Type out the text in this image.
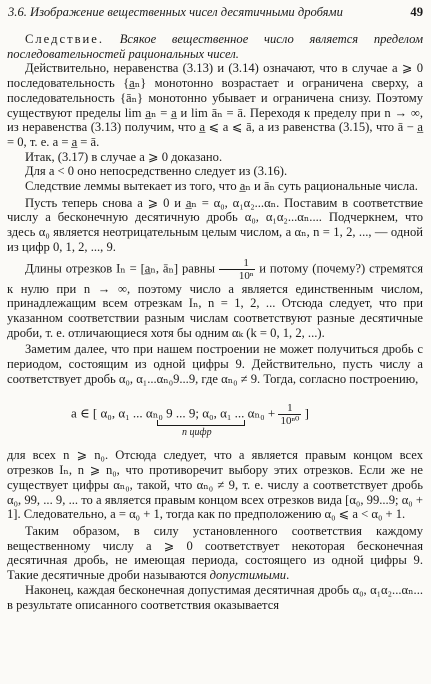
3.6. Изображение вещественных чисел десятичными дробями	49

Следствие. Всякое вещественное число является пределом последовательностей рациональных чисел.

Действительно, неравенства (3.13) и (3.14) означают, что в случае a ⩾ 0 последовательность {a̲ₙ} монотонно возрастает и ограничена сверху, а последовательность {āₙ} монотонно убывает и ограничена снизу. Поэтому существуют пределы lim a̲ₙ = a̲ и lim āₙ = ā. Переходя к пределу при n → ∞, из неравенства (3.13) получим, что a̲ ⩽ a ⩽ ā, а из равенства (3.15), что ā − a̲ = 0, т. е. a = a̲ = ā.

Итак, (3.17) в случае a ⩾ 0 доказано.

Для a < 0 оно непосредственно следует из (3.16).

Следствие леммы вытекает из того, что a̲ₙ и āₙ суть рациональные числа.

Пусть теперь снова a ⩾ 0 и a̲ₙ = α₀, α₁α₂...αₙ. Поставим в соответствие числу a бесконечную десятичную дробь α₀, α₁α₂...αₙ.... Подчеркнем, что здесь α₀ является неотрицательным целым числом, а αₙ, n = 1, 2, ..., — одной из цифр 0, 1, 2, ..., 9.

Длины отрезков Iₙ = [a̲ₙ, āₙ] равны $\frac{1}{\text{10ⁿ}}$ и потому (почему?) стремятся к нулю при n → ∞, поэтому число a является единственным числом, принадлежащим всем отрезкам Iₙ, n = 1, 2, ... Отсюда следует, что при указанном соответствии разным числам соответствуют разные десятичные дроби, т. е. отличающиеся хотя бы одним αₖ (k = 0, 1, 2, ...).

Заметим далее, что при нашем построении не может получиться дробь с периодом, состоящим из одной цифры 9. Действительно, пусть числу a соответствует дробь α₀, α₁...αₙ₀9...9, где αₙ₀ ≠ 9. Тогда, согласно построению,

a ∈ [ α₀, α₁ ... αₙ₀ 9 ... 9; α₀, α₁ ... $\alpha_{n0} + \frac{1}{\text{10ⁿ⁰}}$ ]
n цифр

для всех n ⩾ n₀. Отсюда следует, что a является правым концом всех отрезков Iₙ, n ⩾ n₀, что противоречит выбору этих отрезков. Если же не существует цифры αₙ₀, такой, что αₙ₀ ≠ 9, т. е. числу a соответствует дробь α₀, 99, ... 9, ... то a является правым концом всех отрезков вида [α₀, 99...9; α₀ + 1]. Следовательно, a = α₀ + 1, тогда как по предположению α₀ ⩽ a < α₀ + 1.

Таким образом, в силу установленного соответствия каждому вещественному числу a ⩾ 0 соответствует некоторая бесконечная десятичная дробь, не имеющая периода, состоящего из одной цифры 9. Такие десятичные дроби называются допустимыми.

Наконец, каждая бесконечная допустимая десятичная дробь α₀, α₁α₂...αₙ... в результате описанного соответствия оказывается
